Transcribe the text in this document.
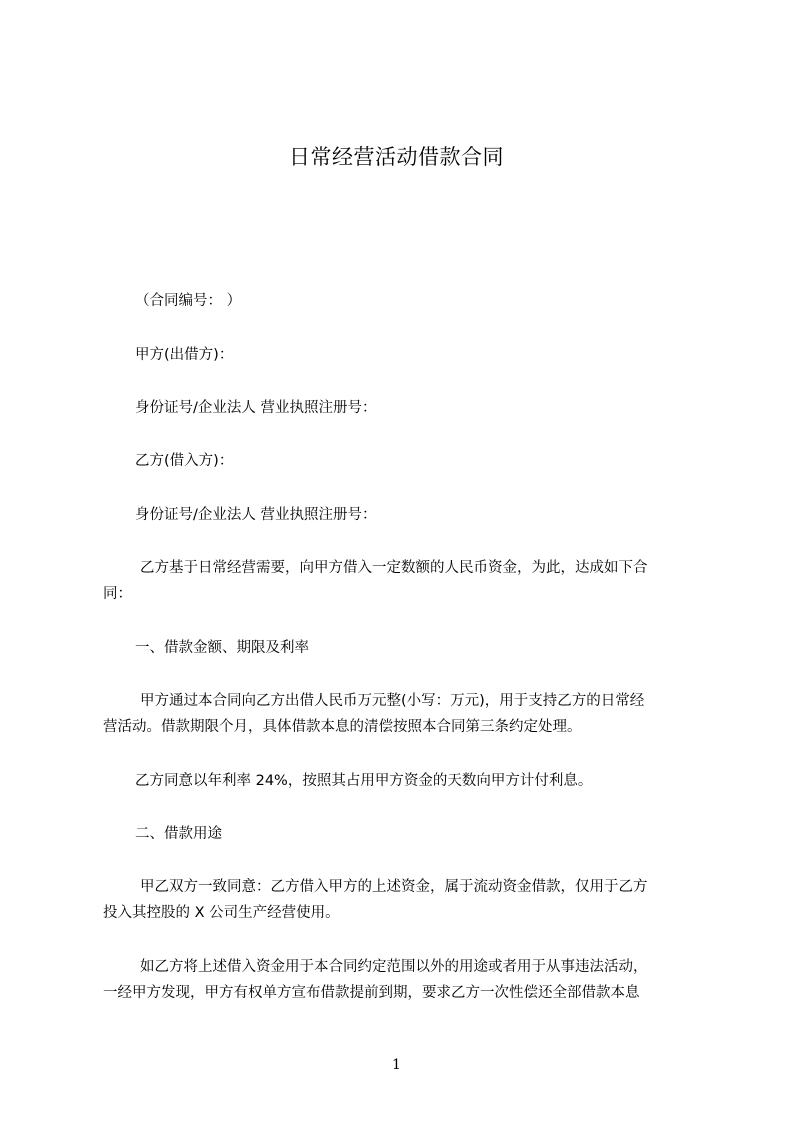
日常经营活动借款合同
（合同编号： ）
甲方(出借方)：
身份证号/企业法人 营业执照注册号：
乙方(借入方)：
身份证号/企业法人 营业执照注册号：
乙方基于日常经营需要，向甲方借入一定数额的人民币资金，为此，达成如下合
同：
一、借款金额、期限及利率
甲方通过本合同向乙方出借人民币万元整(小写：万元)，用于支持乙方的日常经
营活动。借款期限个月，具体借款本息的清偿按照本合同第三条约定处理。
乙方同意以年利率 24%，按照其占用甲方资金的天数向甲方计付利息。
二、借款用途
甲乙双方一致同意：乙方借入甲方的上述资金，属于流动资金借款，仅用于乙方
投入其控股的 X 公司生产经营使用。
如乙方将上述借入资金用于本合同约定范围以外的用途或者用于从事违法活动，
一经甲方发现，甲方有权单方宣布借款提前到期，要求乙方一次性偿还全部借款本息
1
